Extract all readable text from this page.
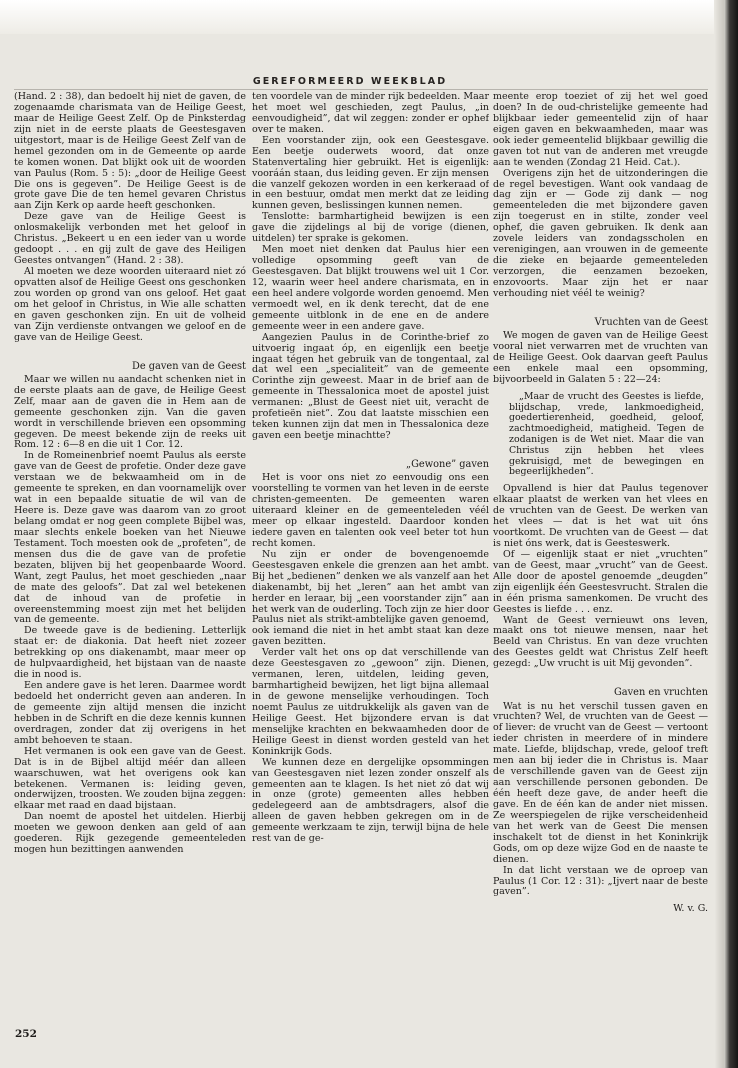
GEREFORMEERD WEEKBLAD

(Hand. 2 : 38), dan bedoelt hij niet de gaven, de zogenaamde charismata van de Heilige Geest, maar de Heilige Geest Zelf. Op de Pinksterdag zijn niet in de eerste plaats de Geestesgaven uitgestort, maar is de Heilige Geest Zelf van de hemel gezonden om in de Gemeente op aarde te komen wonen. Dat blijkt ook uit de woorden van Paulus (Rom. 5 : 5): „door de Heilige Geest Die ons is gegeven”. De Heilige Geest is de grote gave Die de ten hemel gevaren Christus aan Zijn Kerk op aarde heeft geschonken.

Deze gave van de Heilige Geest is onlosmakelijk verbonden met het geloof in Christus. „Bekeert u en een ieder van u worde gedoopt . . . en gij zult de gave des Heiligen Geestes ontvangen” (Hand. 2 : 38).

Al moeten we deze woorden uiteraard niet zó opvatten alsof de Heilige Geest ons geschonken zou worden op grond van ons geloof. Het gaat om het geloof in Christus, in Wie alle schatten en gaven geschonken zijn. En uit de volheid van Zijn verdienste ontvangen we geloof en de gave van de Heilige Geest.

De gaven van de Geest

Maar we willen nu aandacht schenken niet in de eerste plaats aan de gave, de Heilige Geest Zelf, maar aan de gaven die in Hem aan de gemeente geschonken zijn. Van die gaven wordt in verschillende brieven een opsomming gegeven. De meest bekende zijn de reeks uit Rom. 12 : 6—8 en die uit 1 Cor. 12.

In de Romeinenbrief noemt Paulus als eerste gave van de Geest de profetie. Onder deze gave verstaan we de bekwaamheid om in de gemeente te spreken, en dan voornamelijk over wat in een bepaalde situatie de wil van de Heere is. Deze gave was daarom van zo groot belang omdat er nog geen complete Bijbel was, maar slechts enkele boeken van het Nieuwe Testament. Toch moesten ook de „profeten”, de mensen dus die de gave van de profetie bezaten, blijven bij het geopenbaarde Woord. Want, zegt Paulus, het moet geschieden „naar de mate des geloofs”. Dat zal wel betekenen dat de inhoud van de profetie in overeenstemming moest zijn met het belijden van de gemeente.

De tweede gave is de bediening. Letterlijk staat er: de diakonia. Dat heeft niet zozeer betrekking op ons diakenambt, maar meer op de hulpvaardigheid, het bijstaan van de naaste die in nood is.

Een andere gave is het leren. Daarmee wordt bedoeld het onderricht geven aan anderen. In de gemeente zijn altijd mensen die inzicht hebben in de Schrift en die deze kennis kunnen overdragen, zonder dat zij overigens in het ambt behoeven te staan.

Het vermanen is ook een gave van de Geest. Dat is in de Bijbel altijd méér dan alleen waarschuwen, wat het overigens ook kan betekenen. Vermanen is: leiding geven, onderwijzen, troosten. We zouden bijna zeggen: elkaar met raad en daad bijstaan.

Dan noemt de apostel het uitdelen. Hierbij moeten we gewoon denken aan geld of aan goederen. Rijk gezegende gemeenteleden mogen hun bezittingen aanwenden

ten voordele van de minder rijk bedeelden. Maar het moet wel geschieden, zegt Paulus, „in eenvoudigheid”, dat wil zeggen: zonder er ophef over te maken.

Een voorstander zijn, ook een Geestesgave. Een beetje ouderwets woord, dat onze Statenvertaling hier gebruikt. Het is eigenlijk: vooráán staan, dus leiding geven. Er zijn mensen die vanzelf gekozen worden in een kerkeraad of in een bestuur, omdat men merkt dat ze leiding kunnen geven, beslissingen kunnen nemen.

Tenslotte: barmhartigheid bewijzen is een gave die zijdelings al bij de vorige (dienen, uitdelen) ter sprake is gekomen.

Men moet niet denken dat Paulus hier een volledige opsomming geeft van de Geestesgaven. Dat blijkt trouwens wel uit 1 Cor. 12, waarin weer heel andere charismata, en in een heel andere volgorde worden genoemd. Men vermoedt wel, en ik denk terecht, dat de ene gemeente uitblonk in de ene en de andere gemeente weer in een andere gave.

Aangezien Paulus in de Corinthe-brief zo uitvoerig ingaat óp, en eigenlijk een beetje ingaat tégen het gebruik van de tongentaal, zal dat wel een „specialiteit” van de gemeente Corinthe zijn geweest. Maar in de brief aan de gemeente in Thessalonica moet de apostel juist vermanen: „Blust de Geest niet uit, veracht de profetieën niet”. Zou dat laatste misschien een teken kunnen zijn dat men in Thessalonica deze gaven een beetje minachtte?

„Gewone” gaven

Het is voor ons niet zo eenvoudig ons een voorstelling te vormen van het leven in de eerste christen-gemeenten. De gemeenten waren uiteraard kleiner en de gemeenteleden véél meer op elkaar ingesteld. Daardoor konden iedere gaven en talenten ook veel beter tot hun recht komen.

Nu zijn er onder de bovengenoemde Geestesgaven enkele die grenzen aan het ambt. Bij het „bedienen” denken we als vanzelf aan het diakenambt, bij het „leren” aan het ambt van herder en leraar, bij „een voorstander zijn” aan het werk van de ouderling. Toch zijn ze hier door Paulus niet als strikt-ambtelijke gaven genoemd, ook iemand die niet in het ambt staat kan deze gaven bezitten.

Verder valt het ons op dat verschillende van deze Geestesgaven zo „gewoon” zijn. Dienen, vermanen, leren, uitdelen, leiding geven, barmhartigheid bewijzen, het ligt bijna allemaal in de gewone menselijke verhoudingen. Toch noemt Paulus ze uitdrukkelijk als gaven van de Heilige Geest. Het bijzondere ervan is dat menselijke krachten en bekwaamheden door de Heilige Geest in dienst worden gesteld van het Koninkrijk Gods.

We kunnen deze en dergelijke opsommingen van Geestesgaven niet lezen zonder onszelf als gemeenten aan te klagen. Is het niet zó dat wij in onze (grote) gemeenten alles hebben gedelegeerd aan de ambtsdragers, alsof die alleen de gaven hebben gekregen om in de gemeente werkzaam te zijn, terwijl bijna de hele rest van de ge-

meente erop toeziet of zij het wel goed doen? In de oud-christelijke gemeente had blijkbaar ieder gemeentelid zijn of haar eigen gaven en bekwaamheden, maar was ook ieder gemeentelid blijkbaar gewillig die gaven tot nut van de anderen met vreugde aan te wenden (Zondag 21 Heid. Cat.).

Overigens zijn het de uitzonderingen die de regel bevestigen. Want ook vandaag de dag zijn er — Gode zij dank — nog gemeenteleden die met bijzondere gaven zijn toegerust en in stilte, zonder veel ophef, die gaven gebruiken. Ik denk aan zovele leiders van zondagsscholen en verenigingen, aan vrouwen in de gemeente die zieke en bejaarde gemeenteleden verzorgen, die eenzamen bezoeken, enzovoorts. Maar zijn het er naar verhouding niet véél te weinig?

Vruchten van de Geest

We mogen de gaven van de Heilige Geest vooral niet verwarren met de vruchten van de Heilige Geest. Ook daarvan geeft Paulus een enkele maal een opsomming, bijvoorbeeld in Galaten 5 : 22—24:

„Maar de vrucht des Geestes is liefde, blijdschap, vrede, lankmoedigheid, goedertierenheid, goedheid, geloof, zachtmoedigheid, matigheid. Tegen de zodanigen is de Wet niet. Maar die van Christus zijn hebben het vlees gekruisigd, met de bewegingen en begeerlijkheden”.

Opvallend is hier dat Paulus tegenover elkaar plaatst de werken van het vlees en de vruchten van de Geest. De werken van het vlees — dat is het wat uit óns voortkomt. De vruchten van de Geest — dat is niet óns werk, dat is Geesteswerk.

Of — eigenlijk staat er niet „vruchten” van de Geest, maar „vrucht” van de Geest. Alle door de apostel genoemde „deugden” zijn eigenlijk één Geestesvrucht. Stralen die in één prisma samenkomen. De vrucht des Geestes is liefde . . . enz.

Want de Geest vernieuwt ons leven, maakt ons tot nieuwe mensen, naar het Beeld van Christus. En van deze vruchten des Geestes geldt wat Christus Zelf heeft gezegd: „Uw vrucht is uit Mij gevonden”.

Gaven en vruchten

Wat is nu het verschil tussen gaven en vruchten? Wel, de vruchten van de Geest — of liever: de vrucht van de Geest — vertoont ieder christen in meerdere of in mindere mate. Liefde, blijdschap, vrede, geloof treft men aan bij ieder die in Christus is. Maar de verschillende gaven van de Geest zijn aan verschillende personen gebonden. De één heeft deze gave, de ander heeft die gave. En de één kan de ander niet missen. Ze weerspiegelen de rijke verscheidenheid van het werk van de Geest Die mensen inschakelt tot de dienst in het Koninkrijk Gods, om op deze wijze God en de naaste te dienen.

In dat licht verstaan we de oproep van Paulus (1 Cor. 12 : 31): „Ijvert naar de beste gaven”.

W. v. G.
252
